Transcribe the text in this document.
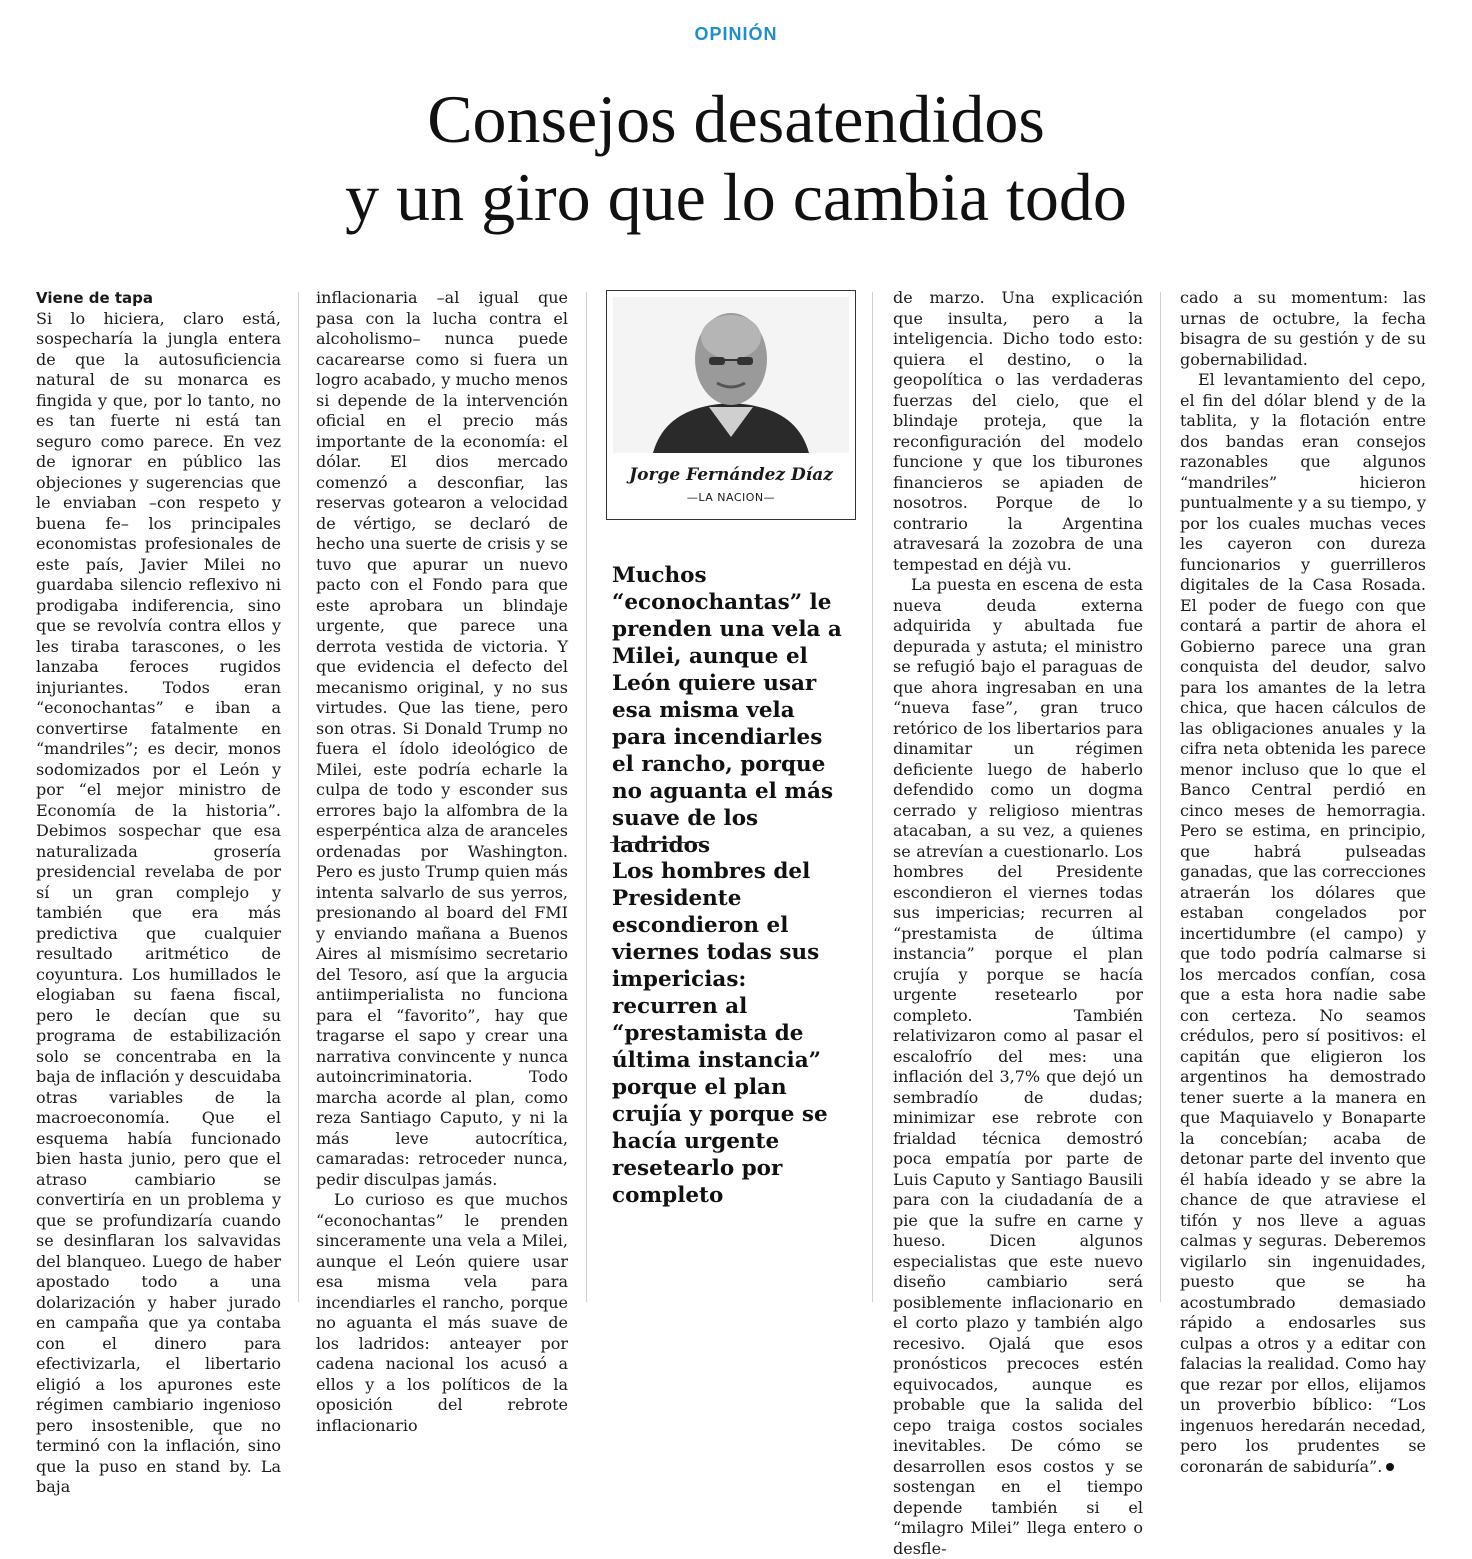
OPINIÓN
Consejos desatendidos
y un giro que lo cambia todo
Viene de tapa

Si lo hiciera, claro está, sospecharía la jungla entera de que la autosuficiencia natural de su monarca es fingida y que, por lo tanto, no es tan fuerte ni está tan seguro como parece. En vez de ignorar en público las objeciones y sugerencias que le enviaban –con respeto y buena fe– los principales economistas profesionales de este país, Javier Milei no guardaba silencio reflexivo ni prodigaba indiferencia, sino que se revolvía contra ellos y les tiraba tarascones, o les lanzaba feroces rugidos injuriantes. Todos eran “econochantas” e iban a convertirse fatalmente en “mandriles”; es decir, monos sodomizados por el León y por “el mejor ministro de Economía de la historia”. Debimos sospechar que esa naturalizada grosería presidencial revelaba de por sí un gran complejo y también que era más predictiva que cualquier resultado aritmético de coyuntura. Los humillados le elogiaban su faena fiscal, pero le decían que su programa de estabilización solo se concentraba en la baja de inflación y descuidaba otras variables de la macroeconomía. Que el esquema había funcionado bien hasta junio, pero que el atraso cambiario se convertiría en un problema y que se profundizaría cuando se desinflaran los salvavidas del blanqueo. Luego de haber apostado todo a una dolarización y haber jurado en campaña que ya contaba con el dinero para efectivizarla, el libertario eligió a los apurones este régimen cambiario ingenioso pero insostenible, que no terminó con la inflación, sino que la puso en stand by. La baja

inflacionaria –al igual que pasa con la lucha contra el alcoholismo– nunca puede cacarearse como si fuera un logro acabado, y mucho menos si depende de la intervención oficial en el precio más importante de la economía: el dólar. El dios mercado comenzó a desconfiar, las reservas gotearon a velocidad de vértigo, se declaró de hecho una suerte de crisis y se tuvo que apurar un nuevo pacto con el Fondo para que este aprobara un blindaje urgente, que parece una derrota vestida de victoria. Y que evidencia el defecto del mecanismo original, y no sus virtudes. Que las tiene, pero son otras. Si Donald Trump no fuera el ídolo ideológico de Milei, este podría echarle la culpa de todo y esconder sus errores bajo la alfombra de la esperpéntica alza de aranceles ordenadas por Washington. Pero es justo Trump quien más intenta salvarlo de sus yerros, presionando al board del FMI y enviando mañana a Buenos Aires al mismísimo secretario del Tesoro, así que la argucia antiimperialista no funciona para el “favorito”, hay que tragarse el sapo y crear una narrativa convincente y nunca autoincriminatoria. Todo marcha acorde al plan, como reza Santiago Caputo, y ni la más leve autocrítica, camaradas: retroceder nunca, pedir disculpas jamás.

Lo curioso es que muchos “econochantas” le prenden sinceramente una vela a Milei, aunque el León quiere usar esa misma vela para incendiarles el rancho, porque no aguanta el más suave de los ladridos: anteayer por cadena nacional los acusó a ellos y a los políticos de la oposición del rebrote inflacionario

Jorge Fernández Díaz
—LA NACION—
Muchos “econochantas” le prenden una vela a Milei, aunque el León quiere usar esa misma vela para incendiarles el rancho, porque no aguanta el más suave de los ladridos
Los hombres del Presidente escondieron el viernes todas sus impericias: recurren al “prestamista de última instancia” porque el plan crujía y porque se hacía urgente resetearlo por completo

de marzo. Una explicación que insulta, pero a la inteligencia. Dicho todo esto: quiera el destino, o la geopolítica o las verdaderas fuerzas del cielo, que el blindaje proteja, que la reconfiguración del modelo funcione y que los tiburones financieros se apiaden de nosotros. Porque de lo contrario la Argentina atravesará la zozobra de una tempestad en déjà vu.

La puesta en escena de esta nueva deuda externa adquirida y abultada fue depurada y astuta; el ministro se refugió bajo el paraguas de que ahora ingresaban en una “nueva fase”, gran truco retórico de los libertarios para dinamitar un régimen deficiente luego de haberlo defendido como un dogma cerrado y religioso mientras atacaban, a su vez, a quienes se atrevían a cuestionarlo. Los hombres del Presidente escondieron el viernes todas sus impericias; recurren al “prestamista de última instancia” porque el plan crujía y porque se hacía urgente resetearlo por completo. También relativizaron como al pasar el escalofrío del mes: una inflación del 3,7% que dejó un sembradío de dudas; minimizar ese rebrote con frialdad técnica demostró poca empatía por parte de Luis Caputo y Santiago Bausili para con la ciudadanía de a pie que la sufre en carne y hueso. Dicen algunos especialistas que este nuevo diseño cambiario será posiblemente inflacionario en el corto plazo y también algo recesivo. Ojalá que esos pronósticos precoces estén equivocados, aunque es probable que la salida del cepo traiga costos sociales inevitables. De cómo se desarrollen esos costos y se sostengan en el tiempo depende también si el “milagro Milei” llega entero o desfle-

cado a su momentum: las urnas de octubre, la fecha bisagra de su gestión y de su gobernabilidad.

El levantamiento del cepo, el fin del dólar blend y de la tablita, y la flotación entre dos bandas eran consejos razonables que algunos “mandriles” hicieron puntualmente y a su tiempo, y por los cuales muchas veces les cayeron con dureza funcionarios y guerrilleros digitales de la Casa Rosada. El poder de fuego con que contará a partir de ahora el Gobierno parece una gran conquista del deudor, salvo para los amantes de la letra chica, que hacen cálculos de las obligaciones anuales y la cifra neta obtenida les parece menor incluso que lo que el Banco Central perdió en cinco meses de hemorragia. Pero se estima, en principio, que habrá pulseadas ganadas, que las correcciones atraerán los dólares que estaban congelados por incertidumbre (el campo) y que todo podría calmarse si los mercados confían, cosa que a esta hora nadie sabe con certeza. No seamos crédulos, pero sí positivos: el capitán que eligieron los argentinos ha demostrado tener suerte a la manera en que Maquiavelo y Bonaparte la concebían; acaba de detonar parte del invento que él había ideado y se abre la chance de que atraviese el tifón y nos lleve a aguas calmas y seguras. Deberemos vigilarlo sin ingenuidades, puesto que se ha acostumbrado demasiado rápido a endosarles sus culpas a otros y a editar con falacias la realidad. Como hay que rezar por ellos, elijamos un proverbio bíblico: “Los ingenuos heredarán necedad, pero los prudentes se coronarán de sabiduría”.
